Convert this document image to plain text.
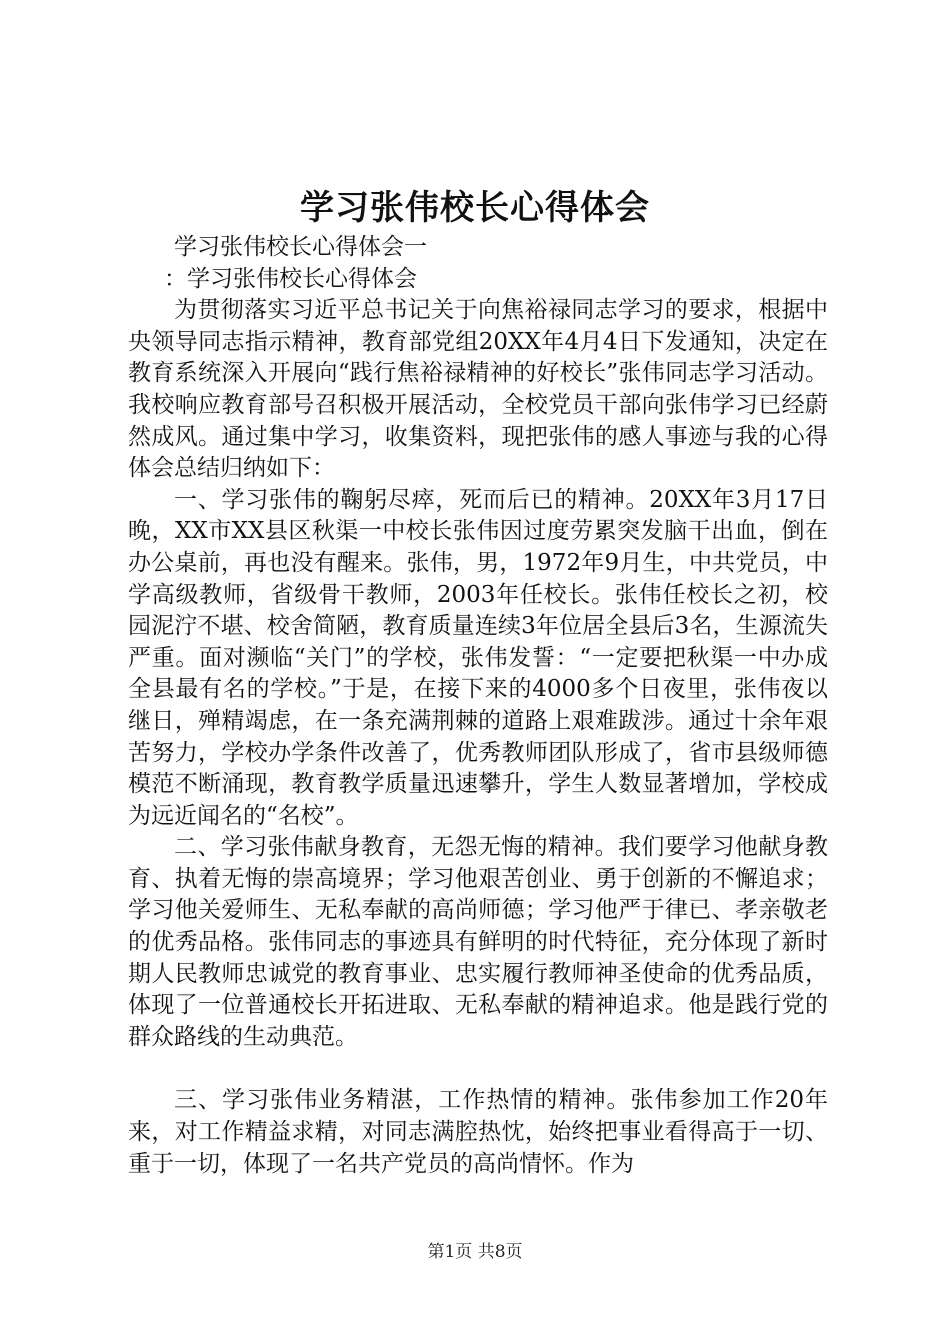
学习张伟校长心得体会

学习张伟校长心得体会一

：学习张伟校长心得体会

为贯彻落实习近平总书记关于向焦裕禄同志学习的要求，根据中央领导同志指示精神，教育部党组20XX年4月4日下发通知，决定在教育系统深入开展向“践行焦裕禄精神的好校长”张伟同志学习活动。我校响应教育部号召积极开展活动，全校党员干部向张伟学习已经蔚然成风。通过集中学习，收集资料，现把张伟的感人事迹与我的心得体会总结归纳如下：

一、学习张伟的鞠躬尽瘁，死而后已的精神。20XX年3月17日晚，XX市XX县区秋渠一中校长张伟因过度劳累突发脑干出血，倒在办公桌前，再也没有醒来。张伟，男，1972年9月生，中共党员，中学高级教师，省级骨干教师，2003年任校长。张伟任校长之初，校园泥泞不堪、校舍简陋，教育质量连续3年位居全县后3名，生源流失严重。面对濒临“关门”的学校，张伟发誓：“一定要把秋渠一中办成全县最有名的学校。”于是，在接下来的4000多个日夜里，张伟夜以继日，殚精竭虑，在一条充满荆棘的道路上艰难跋涉。通过十余年艰苦努力，学校办学条件改善了，优秀教师团队形成了，省市县级师德模范不断涌现，教育教学质量迅速攀升，学生人数显著增加，学校成为远近闻名的“名校”。

二、学习张伟献身教育，无怨无悔的精神。我们要学习他献身教育、执着无悔的崇高境界；学习他艰苦创业、勇于创新的不懈追求；学习他关爱师生、无私奉献的高尚师德；学习他严于律已、孝亲敬老的优秀品格。张伟同志的事迹具有鲜明的时代特征，充分体现了新时期人民教师忠诚党的教育事业、忠实履行教师神圣使命的优秀品质，体现了一位普通校长开拓进取、无私奉献的精神追求。他是践行党的群众路线的生动典范。

三、学习张伟业务精湛，工作热情的精神。张伟参加工作20年来，对工作精益求精，对同志满腔热忱，始终把事业看得高于一切、重于一切，体现了一名共产党员的高尚情怀。作为

第1页 共8页
